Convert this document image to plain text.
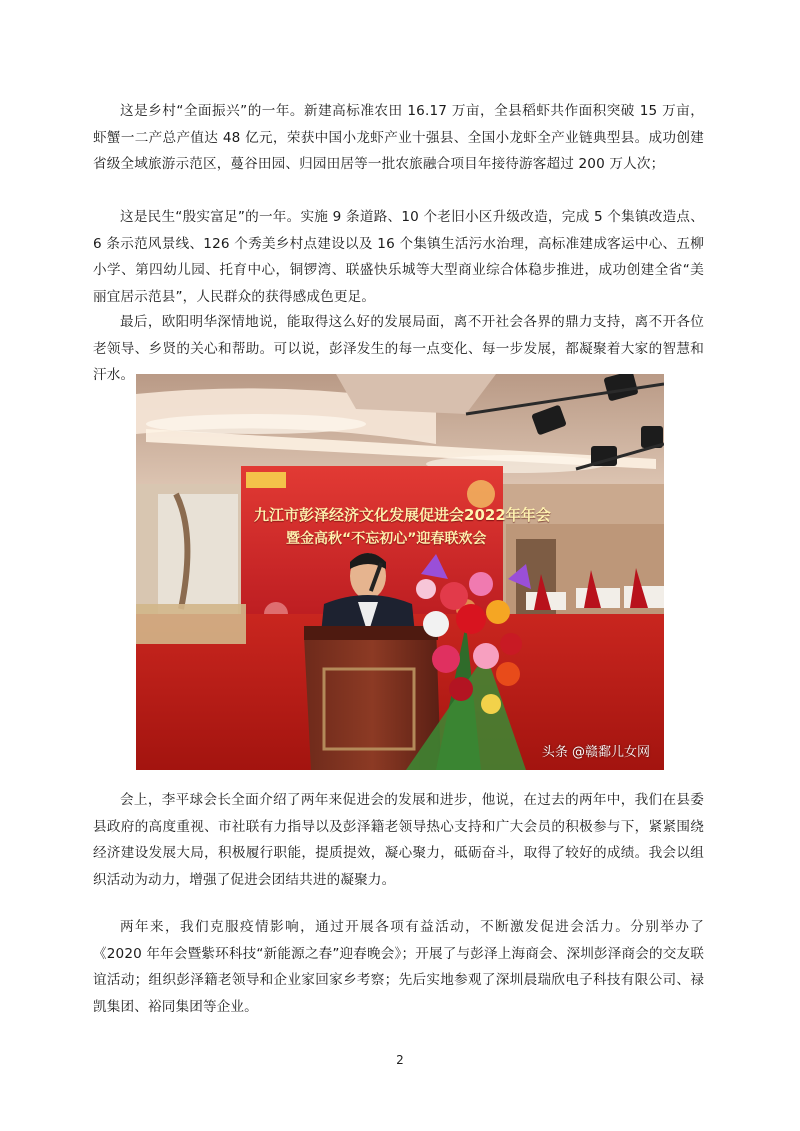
这是乡村“全面振兴”的一年。新建高标准农田 16.17 万亩，全县稻虾共作面积突破 15 万亩，虾蟹一二产总产值达 48 亿元，荣获中国小龙虾产业十强县、全国小龙虾全产业链典型县。成功创建省级全域旅游示范区，蔓谷田园、归园田居等一批农旅融合项目年接待游客超过 200 万人次；

这是民生“殷实富足”的一年。实施 9 条道路、10 个老旧小区升级改造，完成 5 个集镇改造点、6 条示范风景线、126 个秀美乡村点建设以及 16 个集镇生活污水治理，高标准建成客运中心、五柳小学、第四幼儿园、托育中心，铜锣湾、联盛快乐城等大型商业综合体稳步推进，成功创建全省“美丽宜居示范县”，人民群众的获得感成色更足。

最后，欧阳明华深情地说，能取得这么好的发展局面，离不开社会各界的鼎力支持，离不开各位老领导、乡贤的关心和帮助。可以说，彭泽发生的每一点变化、每一步发展，都凝聚着大家的智慧和汗水。

九江市彭泽经济文化发展促进会2022年年会
暨金高秋“不忘初心”迎春联欢会
头条 @赣鄱儿女网

会上，李平球会长全面介绍了两年来促进会的发展和进步，他说，在过去的两年中，我们在县委县政府的高度重视、市社联有力指导以及彭泽籍老领导热心支持和广大会员的积极参与下，紧紧围绕经济建设发展大局，积极履行职能，提质提效，凝心聚力，砥砺奋斗，取得了较好的成绩。我会以组织活动为动力，增强了促进会团结共进的凝聚力。

两年来，我们克服疫情影响，通过开展各项有益活动，不断激发促进会活力。分别举办了《2020 年年会暨紫环科技“新能源之春”迎春晚会》；开展了与彭泽上海商会、深圳彭泽商会的交友联谊活动；组织彭泽籍老领导和企业家回家乡考察；先后实地参观了深圳晨瑞欣电子科技有限公司、禄凯集团、裕同集团等企业。

2
